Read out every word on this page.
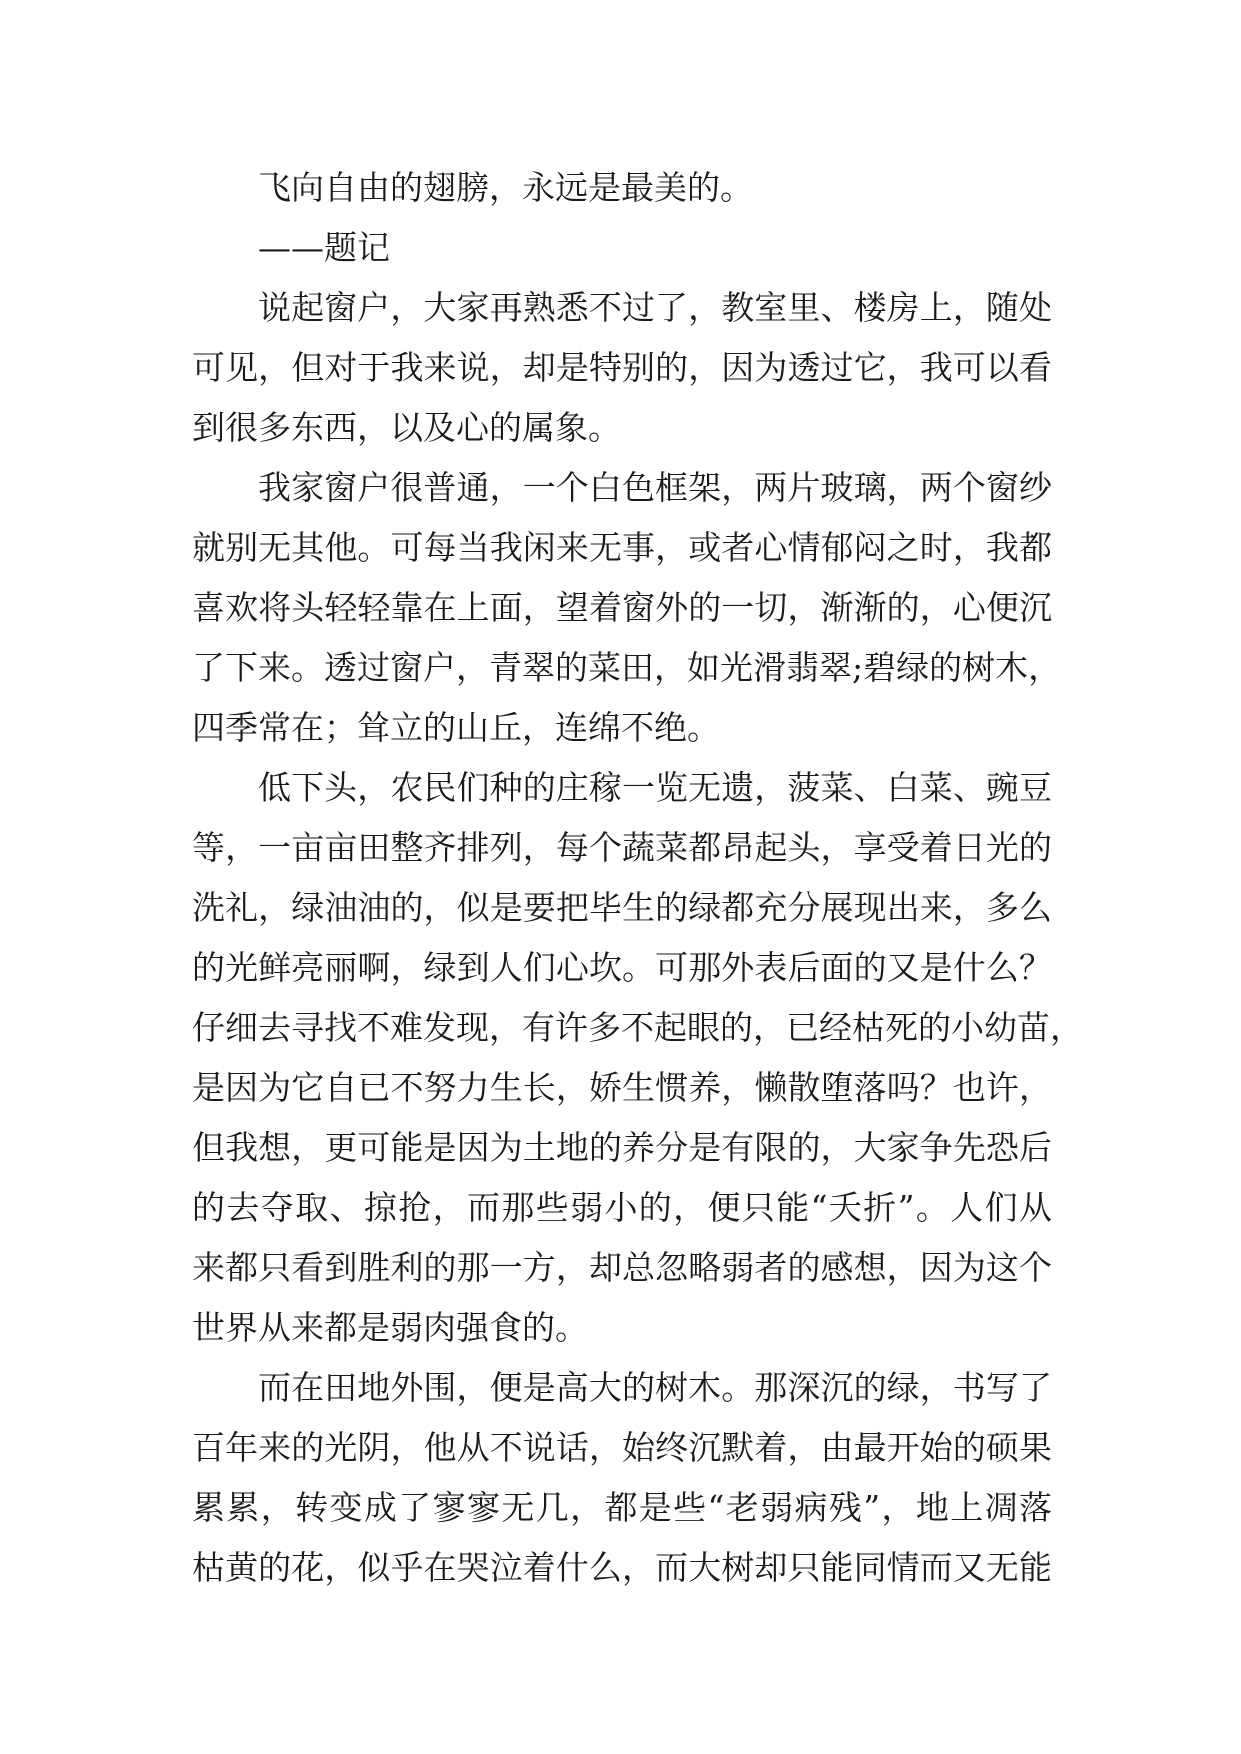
飞向自由的翅膀，永远是最美的。
——题记
说起窗户，大家再熟悉不过了，教室里、楼房上，随处
可见，但对于我来说，却是特别的，因为透过它，我可以看
到很多东西，以及心的属象。
我家窗户很普通，一个白色框架，两片玻璃，两个窗纱
就别无其他。可每当我闲来无事，或者心情郁闷之时，我都
喜欢将头轻轻靠在上面，望着窗外的一切，渐渐的，心便沉
了下来。透过窗户，青翠的菜田，如光滑翡翠;碧绿的树木，
四季常在；耸立的山丘，连绵不绝。
低下头，农民们种的庄稼一览无遗，菠菜、白菜、豌豆
等，一亩亩田整齐排列，每个蔬菜都昂起头，享受着日光的
洗礼，绿油油的，似是要把毕生的绿都充分展现出来，多么
的光鲜亮丽啊，绿到人们心坎。可那外表后面的又是什么？
仔细去寻找不难发现，有许多不起眼的，已经枯死的小幼苗，
是因为它自已不努力生长，娇生惯养，懒散堕落吗？也许，
但我想，更可能是因为土地的养分是有限的，大家争先恐后
的去夺取、掠抢，而那些弱小的，便只能“夭折”。人们从
来都只看到胜利的那一方，却总忽略弱者的感想，因为这个
世界从来都是弱肉强食的。
而在田地外围，便是高大的树木。那深沉的绿，书写了
百年来的光阴，他从不说话，始终沉默着，由最开始的硕果
累累，转变成了寥寥无几，都是些“老弱病残”，地上凋落
枯黄的花，似乎在哭泣着什么，而大树却只能同情而又无能
